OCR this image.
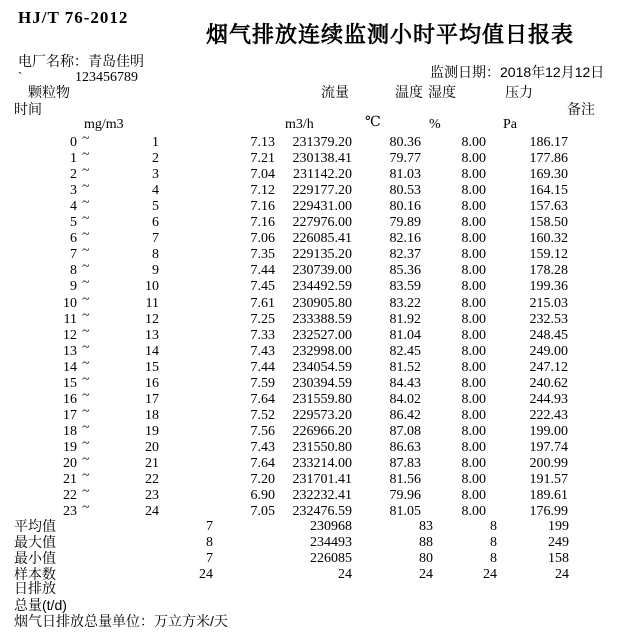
HJ/T 76-2012
烟气排放连续监测小时平均值日报表
电厂名称：青岛佳明
`	123456789	监测日期：2018年12月12日
颗粒物	流量	温度 湿度	压力
时间	备注
mg/m3	m3/h	℃	%	Pa
0 ~	1	7.13	231379.20	80.36	8.00	186.17
1 ~	2	7.21	230138.41	79.77	8.00	177.86
2 ~	3	7.04	231142.20	81.03	8.00	169.30
3 ~	4	7.12	229177.20	80.53	8.00	164.15
4 ~	5	7.16	229431.00	80.16	8.00	157.63
5 ~	6	7.16	227976.00	79.89	8.00	158.50
6 ~	7	7.06	226085.41	82.16	8.00	160.32
7 ~	8	7.35	229135.20	82.37	8.00	159.12
8 ~	9	7.44	230739.00	85.36	8.00	178.28
9 ~	10	7.45	234492.59	83.59	8.00	199.36
10 ~	11	7.61	230905.80	83.22	8.00	215.03
11 ~	12	7.25	233388.59	81.92	8.00	232.53
12 ~	13	7.33	232527.00	81.04	8.00	248.45
13 ~	14	7.43	232998.00	82.45	8.00	249.00
14 ~	15	7.44	234054.59	81.52	8.00	247.12
15 ~	16	7.59	230394.59	84.43	8.00	240.62
16 ~	17	7.64	231559.80	84.02	8.00	244.93
17 ~	18	7.52	229573.20	86.42	8.00	222.43
18 ~	19	7.56	226966.20	87.08	8.00	199.00
19 ~	20	7.43	231550.80	86.63	8.00	197.74
20 ~	21	7.64	233214.00	87.83	8.00	200.99
21 ~	22	7.20	231701.41	81.56	8.00	191.57
22 ~	23	6.90	232232.41	79.96	8.00	189.61
23 ~	24	7.05	232476.59	81.05	8.00	176.99
平均值	7	230968	83	8	199
最大值	8	234493	88	8	249
最小值	7	226085	80	8	158
样本数	24	24	24	24	24
日排放
总量(t/d)
烟气日排放总量单位：万立方米/天
